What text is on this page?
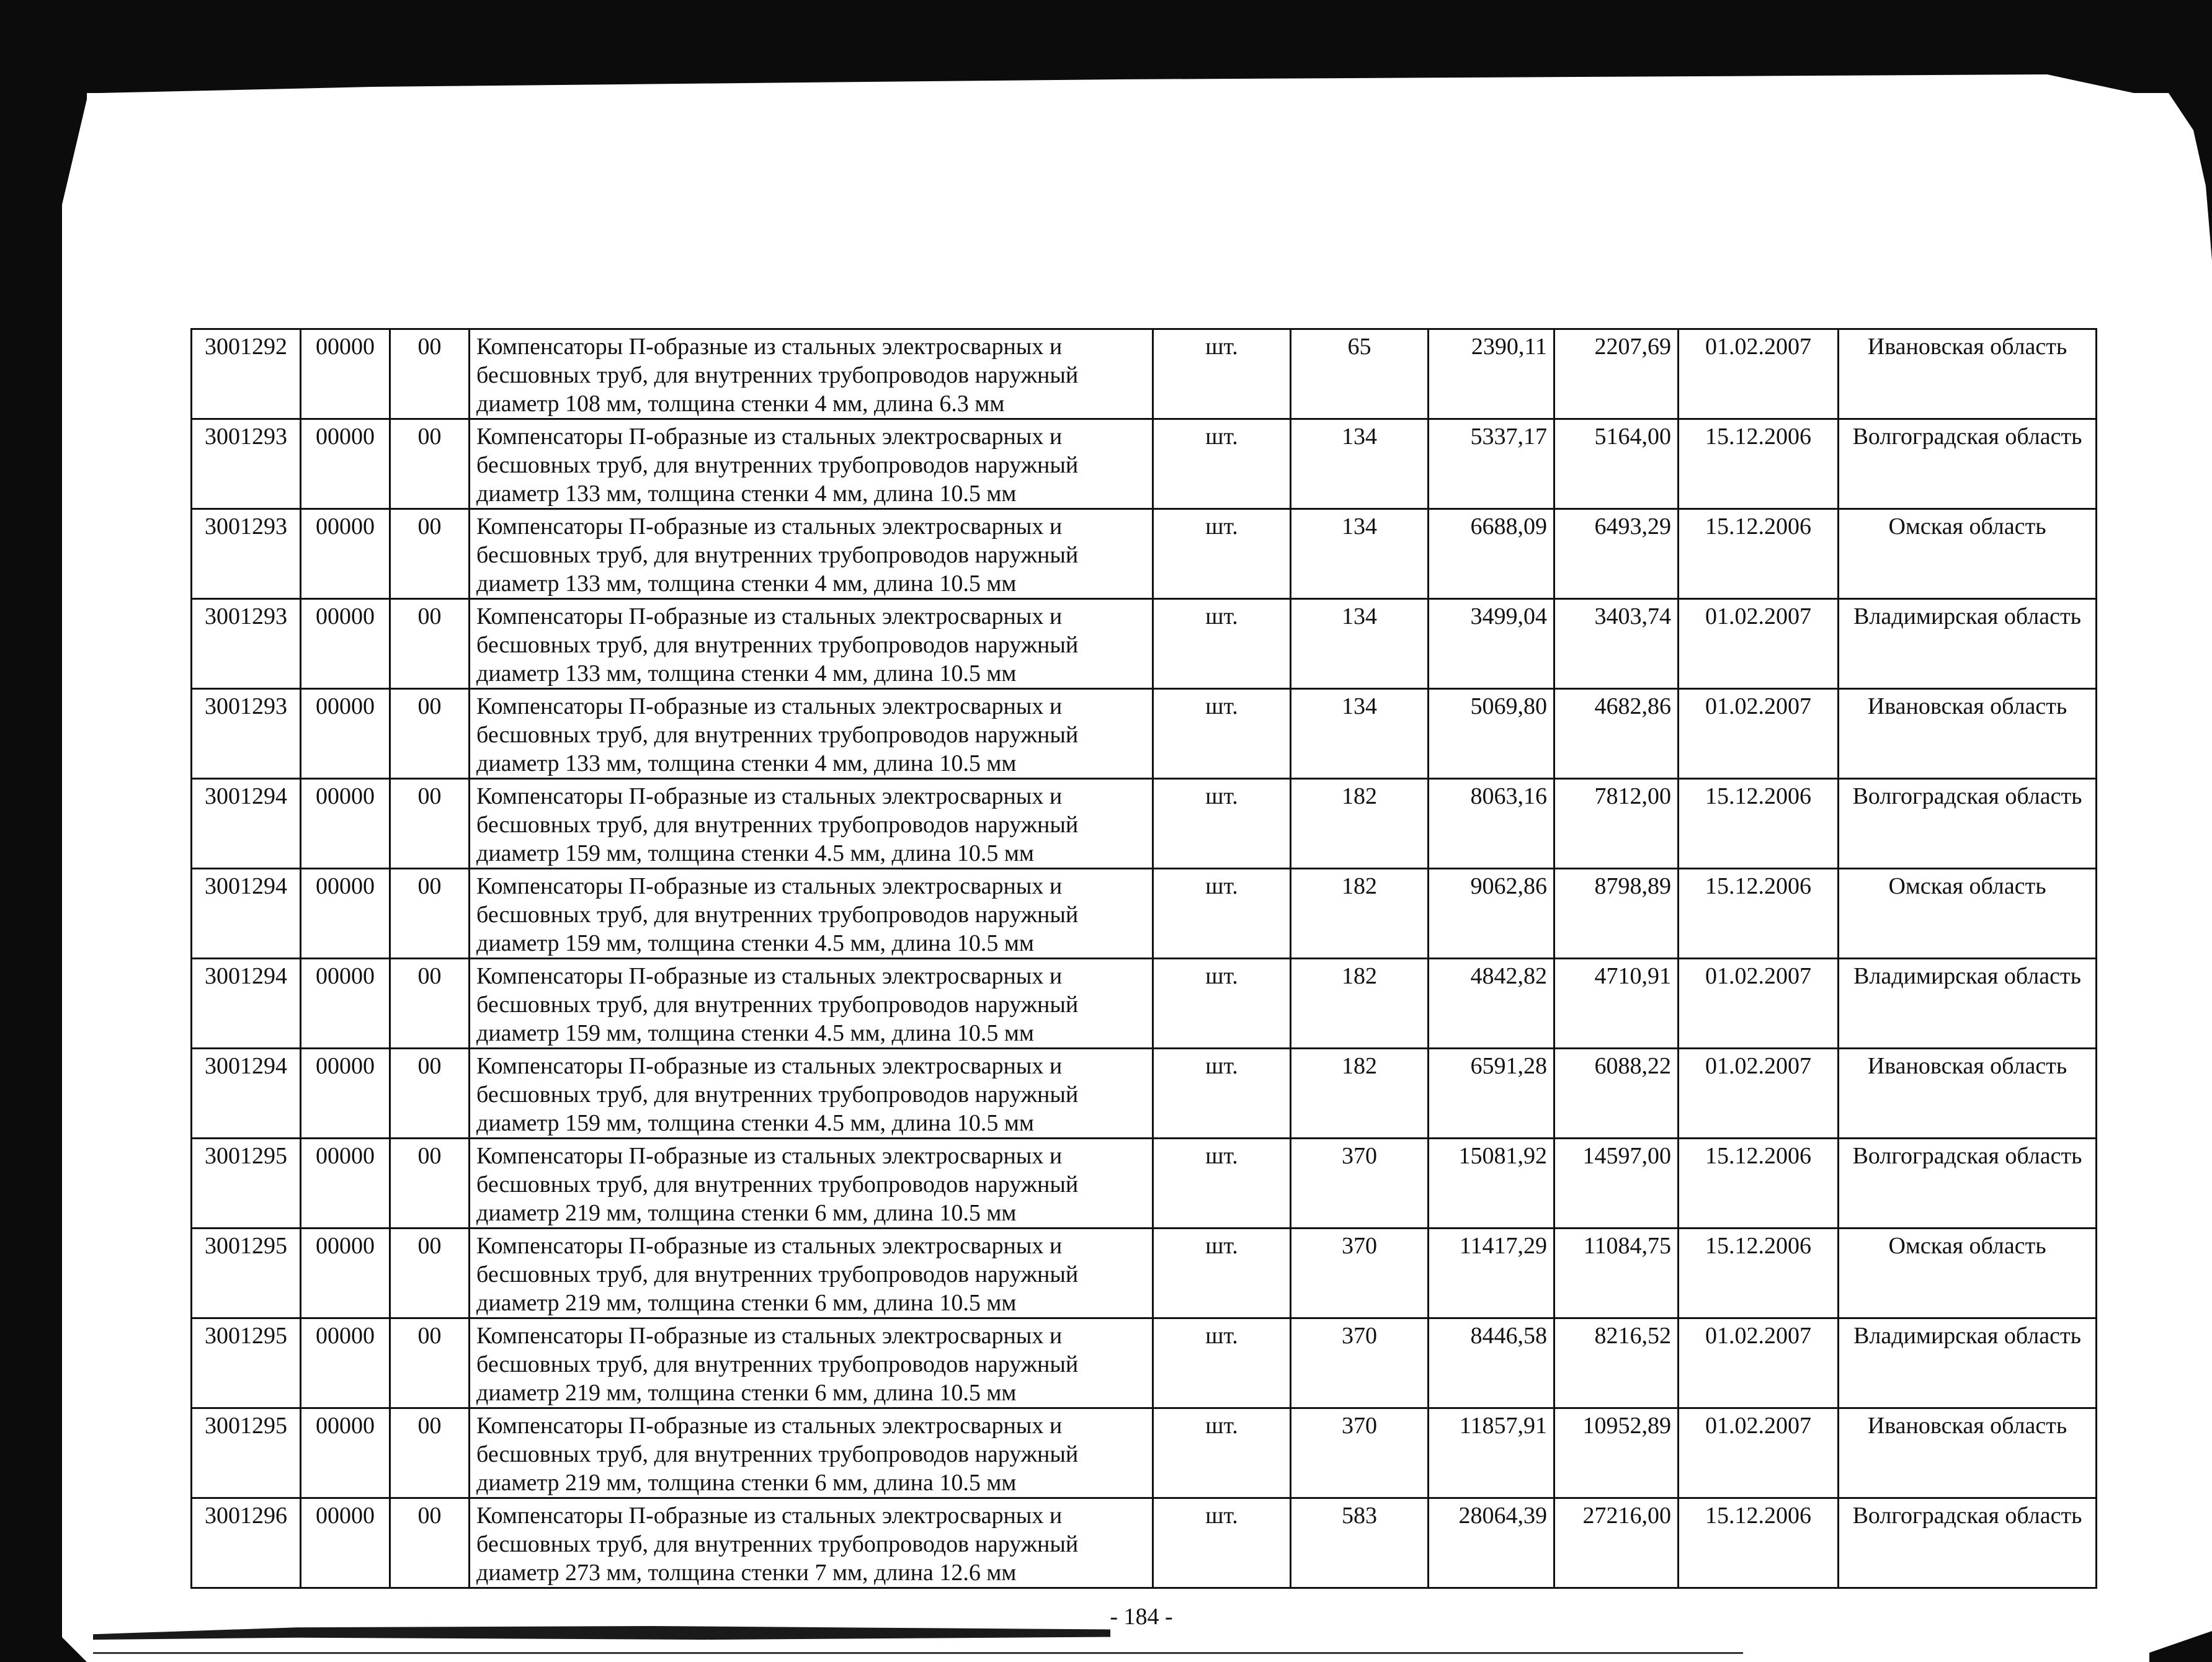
3001292	00000	00	Компенсаторы П-образные из стальных электросварных и бесшовных труб, для внутренних трубопроводов наружный диаметр 108 мм, толщина стенки 4 мм, длина 6.3 мм	шт.	65	2390,11	2207,69	01.02.2007	Ивановская область
3001293	00000	00	Компенсаторы П-образные из стальных электросварных и бесшовных труб, для внутренних трубопроводов наружный диаметр 133 мм, толщина стенки 4 мм, длина 10.5 мм	шт.	134	5337,17	5164,00	15.12.2006	Волгоградская область
3001293	00000	00	Компенсаторы П-образные из стальных электросварных и бесшовных труб, для внутренних трубопроводов наружный диаметр 133 мм, толщина стенки 4 мм, длина 10.5 мм	шт.	134	6688,09	6493,29	15.12.2006	Омская область
3001293	00000	00	Компенсаторы П-образные из стальных электросварных и бесшовных труб, для внутренних трубопроводов наружный диаметр 133 мм, толщина стенки 4 мм, длина 10.5 мм	шт.	134	3499,04	3403,74	01.02.2007	Владимирская область
3001293	00000	00	Компенсаторы П-образные из стальных электросварных и бесшовных труб, для внутренних трубопроводов наружный диаметр 133 мм, толщина стенки 4 мм, длина 10.5 мм	шт.	134	5069,80	4682,86	01.02.2007	Ивановская область
3001294	00000	00	Компенсаторы П-образные из стальных электросварных и бесшовных труб, для внутренних трубопроводов наружный диаметр 159 мм, толщина стенки 4.5 мм, длина 10.5 мм	шт.	182	8063,16	7812,00	15.12.2006	Волгоградская область
3001294	00000	00	Компенсаторы П-образные из стальных электросварных и бесшовных труб, для внутренних трубопроводов наружный диаметр 159 мм, толщина стенки 4.5 мм, длина 10.5 мм	шт.	182	9062,86	8798,89	15.12.2006	Омская область
3001294	00000	00	Компенсаторы П-образные из стальных электросварных и бесшовных труб, для внутренних трубопроводов наружный диаметр 159 мм, толщина стенки 4.5 мм, длина 10.5 мм	шт.	182	4842,82	4710,91	01.02.2007	Владимирская область
3001294	00000	00	Компенсаторы П-образные из стальных электросварных и бесшовных труб, для внутренних трубопроводов наружный диаметр 159 мм, толщина стенки 4.5 мм, длина 10.5 мм	шт.	182	6591,28	6088,22	01.02.2007	Ивановская область
3001295	00000	00	Компенсаторы П-образные из стальных электросварных и бесшовных труб, для внутренних трубопроводов наружный диаметр 219 мм, толщина стенки 6 мм, длина 10.5 мм	шт.	370	15081,92	14597,00	15.12.2006	Волгоградская область
3001295	00000	00	Компенсаторы П-образные из стальных электросварных и бесшовных труб, для внутренних трубопроводов наружный диаметр 219 мм, толщина стенки 6 мм, длина 10.5 мм	шт.	370	11417,29	11084,75	15.12.2006	Омская область
3001295	00000	00	Компенсаторы П-образные из стальных электросварных и бесшовных труб, для внутренних трубопроводов наружный диаметр 219 мм, толщина стенки 6 мм, длина 10.5 мм	шт.	370	8446,58	8216,52	01.02.2007	Владимирская область
3001295	00000	00	Компенсаторы П-образные из стальных электросварных и бесшовных труб, для внутренних трубопроводов наружный диаметр 219 мм, толщина стенки 6 мм, длина 10.5 мм	шт.	370	11857,91	10952,89	01.02.2007	Ивановская область
3001296	00000	00	Компенсаторы П-образные из стальных электросварных и бесшовных труб, для внутренних трубопроводов наружный диаметр 273 мм, толщина стенки 7 мм, длина 12.6 мм	шт.	583	28064,39	27216,00	15.12.2006	Волгоградская область
- 184 -
